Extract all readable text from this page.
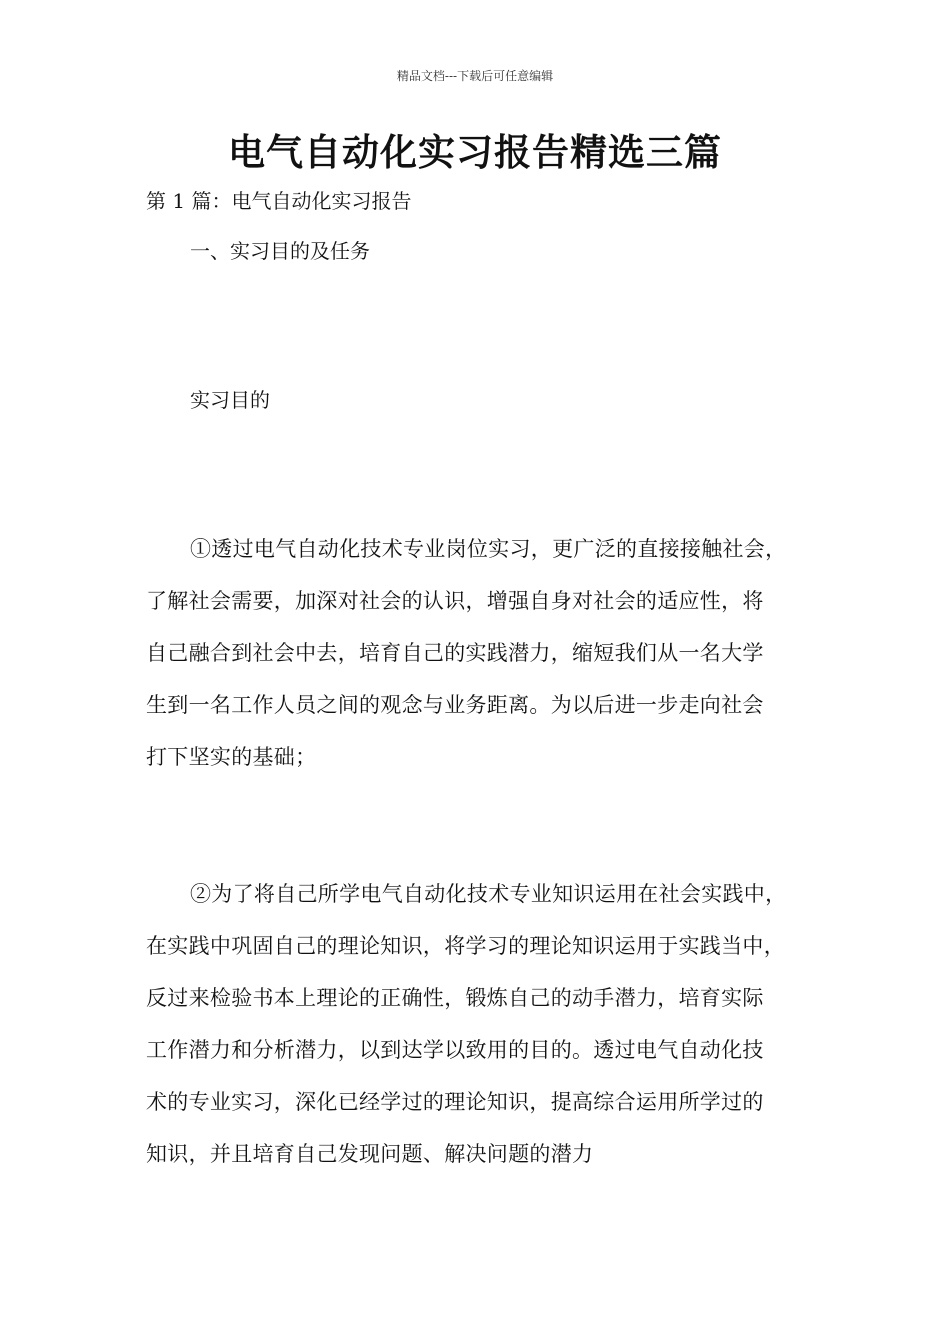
精品文档---下载后可任意编辑
电气自动化实习报告精选三篇
第 1 篇：电气自动化实习报告
一、实习目的及任务
实习目的
①透过电气自动化技术专业岗位实习，更广泛的直接接触社会，
了解社会需要，加深对社会的认识，增强自身对社会的适应性，将
自己融合到社会中去，培育自己的实践潜力，缩短我们从一名大学
生到一名工作人员之间的观念与业务距离。为以后进一步走向社会
打下坚实的基础；
②为了将自己所学电气自动化技术专业知识运用在社会实践中，
在实践中巩固自己的理论知识，将学习的理论知识运用于实践当中，
反过来检验书本上理论的正确性，锻炼自己的动手潜力，培育实际
工作潜力和分析潜力，以到达学以致用的目的。透过电气自动化技
术的专业实习，深化已经学过的理论知识，提高综合运用所学过的
知识，并且培育自己发现问题、解决问题的潜力
